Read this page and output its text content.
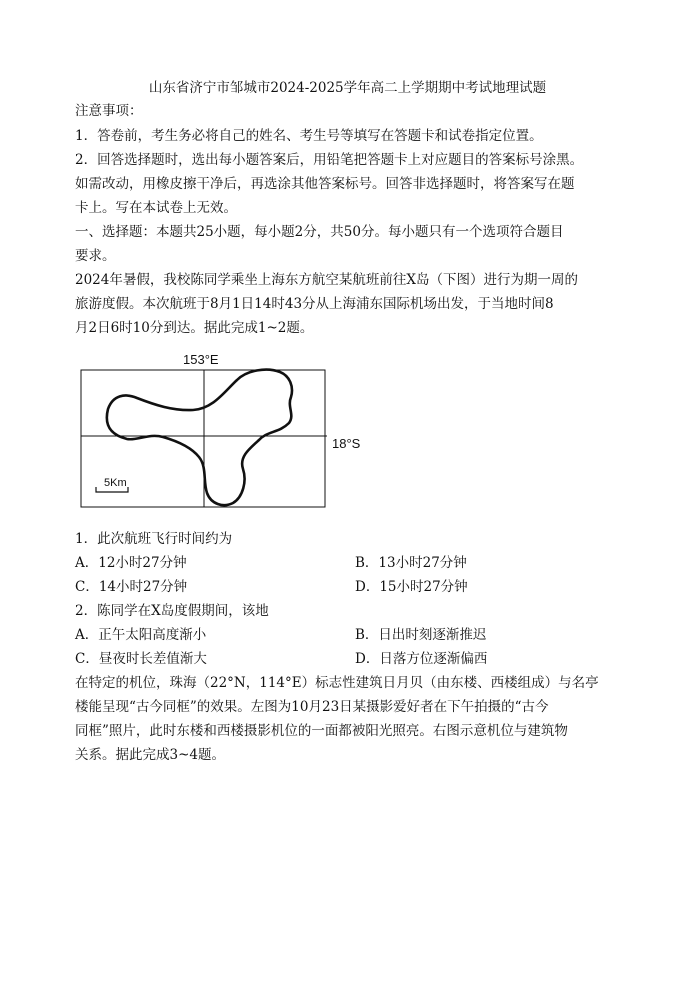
山东省济宁市邹城市2024-2025学年高二上学期期中考试地理试题
注意事项：
1．答卷前，考生务必将自己的姓名、考生号等填写在答题卡和试卷指定位置。
2．回答选择题时，选出每小题答案后，用铅笔把答题卡上对应题目的答案标号涂黑。
如需改动，用橡皮擦干净后，再选涂其他答案标号。回答非选择题时，将答案写在题
卡上。写在本试卷上无效。
一、选择题：本题共25小题，每小题2分，共50分。每小题只有一个选项符合题目
要求。
2024年暑假，我校陈同学乘坐上海东方航空某航班前往X岛（下图）进行为期一周的
旅游度假。本次航班于8月1日14时43分从上海浦东国际机场出发，于当地时间8
月2日6时10分到达。据此完成1~2题。
153°E
18°S
5Km
1．此次航班飞行时间约为
A．12小时27分钟	B．13小时27分钟
C．14小时27分钟	D．15小时27分钟
2．陈同学在X岛度假期间，该地
A．正午太阳高度渐小	B．日出时刻逐渐推迟
C．昼夜时长差值渐大	D．日落方位逐渐偏西
在特定的机位，珠海（22°N，114°E）标志性建筑日月贝（由东楼、西楼组成）与名亭
楼能呈现“古今同框”的效果。左图为10月23日某摄影爱好者在下午拍摄的“古今
同框”照片，此时东楼和西楼摄影机位的一面都被阳光照亮。右图示意机位与建筑物
关系。据此完成3~4题。
